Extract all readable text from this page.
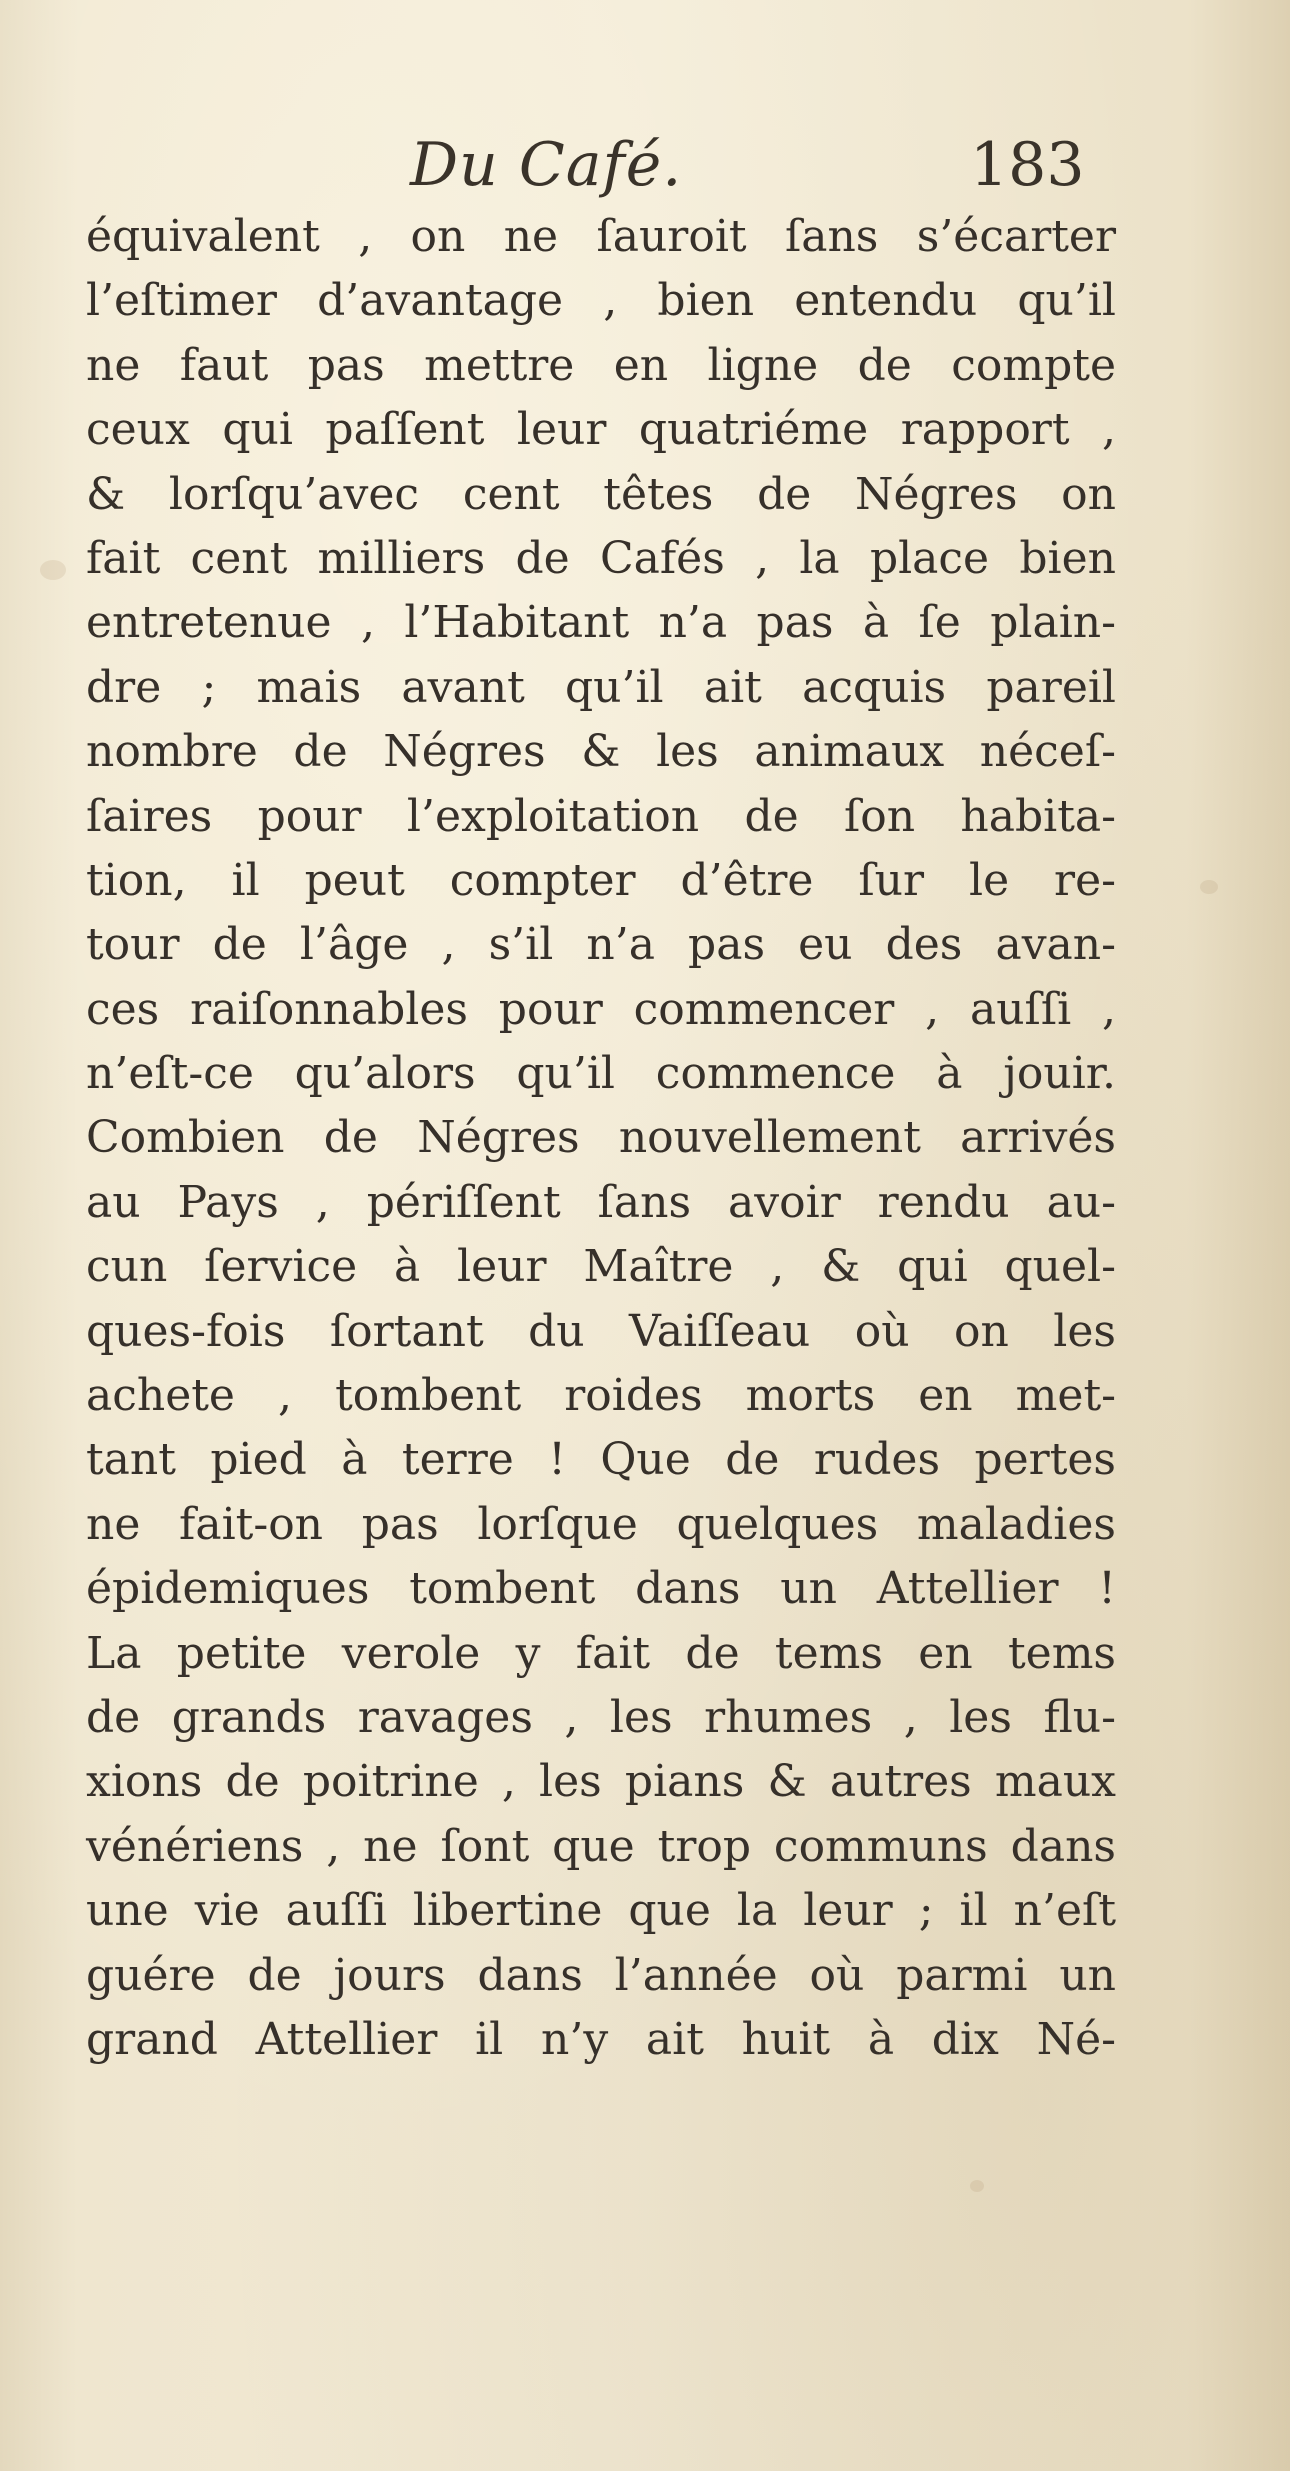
Du Café.	183
équivalent , on ne ſauroit ſans s’écarter
l’eſtimer d’avantage , bien entendu qu’il
ne faut pas mettre en ligne de compte
ceux qui paſſent leur quatriéme rapport ,
& lorſqu’avec cent têtes de Négres on
fait cent milliers de Cafés , la place bien
entretenue , l’Habitant n’a pas à ſe plain-
dre ; mais avant qu’il ait acquis pareil
nombre de Négres & les animaux néceſ-
ſaires pour l’exploitation de ſon habita-
tion, il peut compter d’être ſur le re-
tour de l’âge , s’il n’a pas eu des avan-
ces raiſonnables pour commencer , auſſi ,
n’eſt-ce qu’alors qu’il commence à jouir.
Combien de Négres nouvellement arrivés
au Pays , périſſent ſans avoir rendu au-
cun ſervice à leur Maître , & qui quel-
ques-fois ſortant du Vaiſſeau où on les
achete , tombent roides morts en met-
tant pied à terre ! Que de rudes pertes
ne fait-on pas lorſque quelques maladies
épidemiques tombent dans un Attellier !
La petite verole y fait de tems en tems
de grands ravages , les rhumes , les flu-
xions de poitrine , les pians & autres maux
vénériens , ne ſont que trop communs dans
une vie auſſi libertine que la leur ; il n’eſt
guére de jours dans l’année où parmi un
grand Attellier il n’y ait huit à dix Né-
